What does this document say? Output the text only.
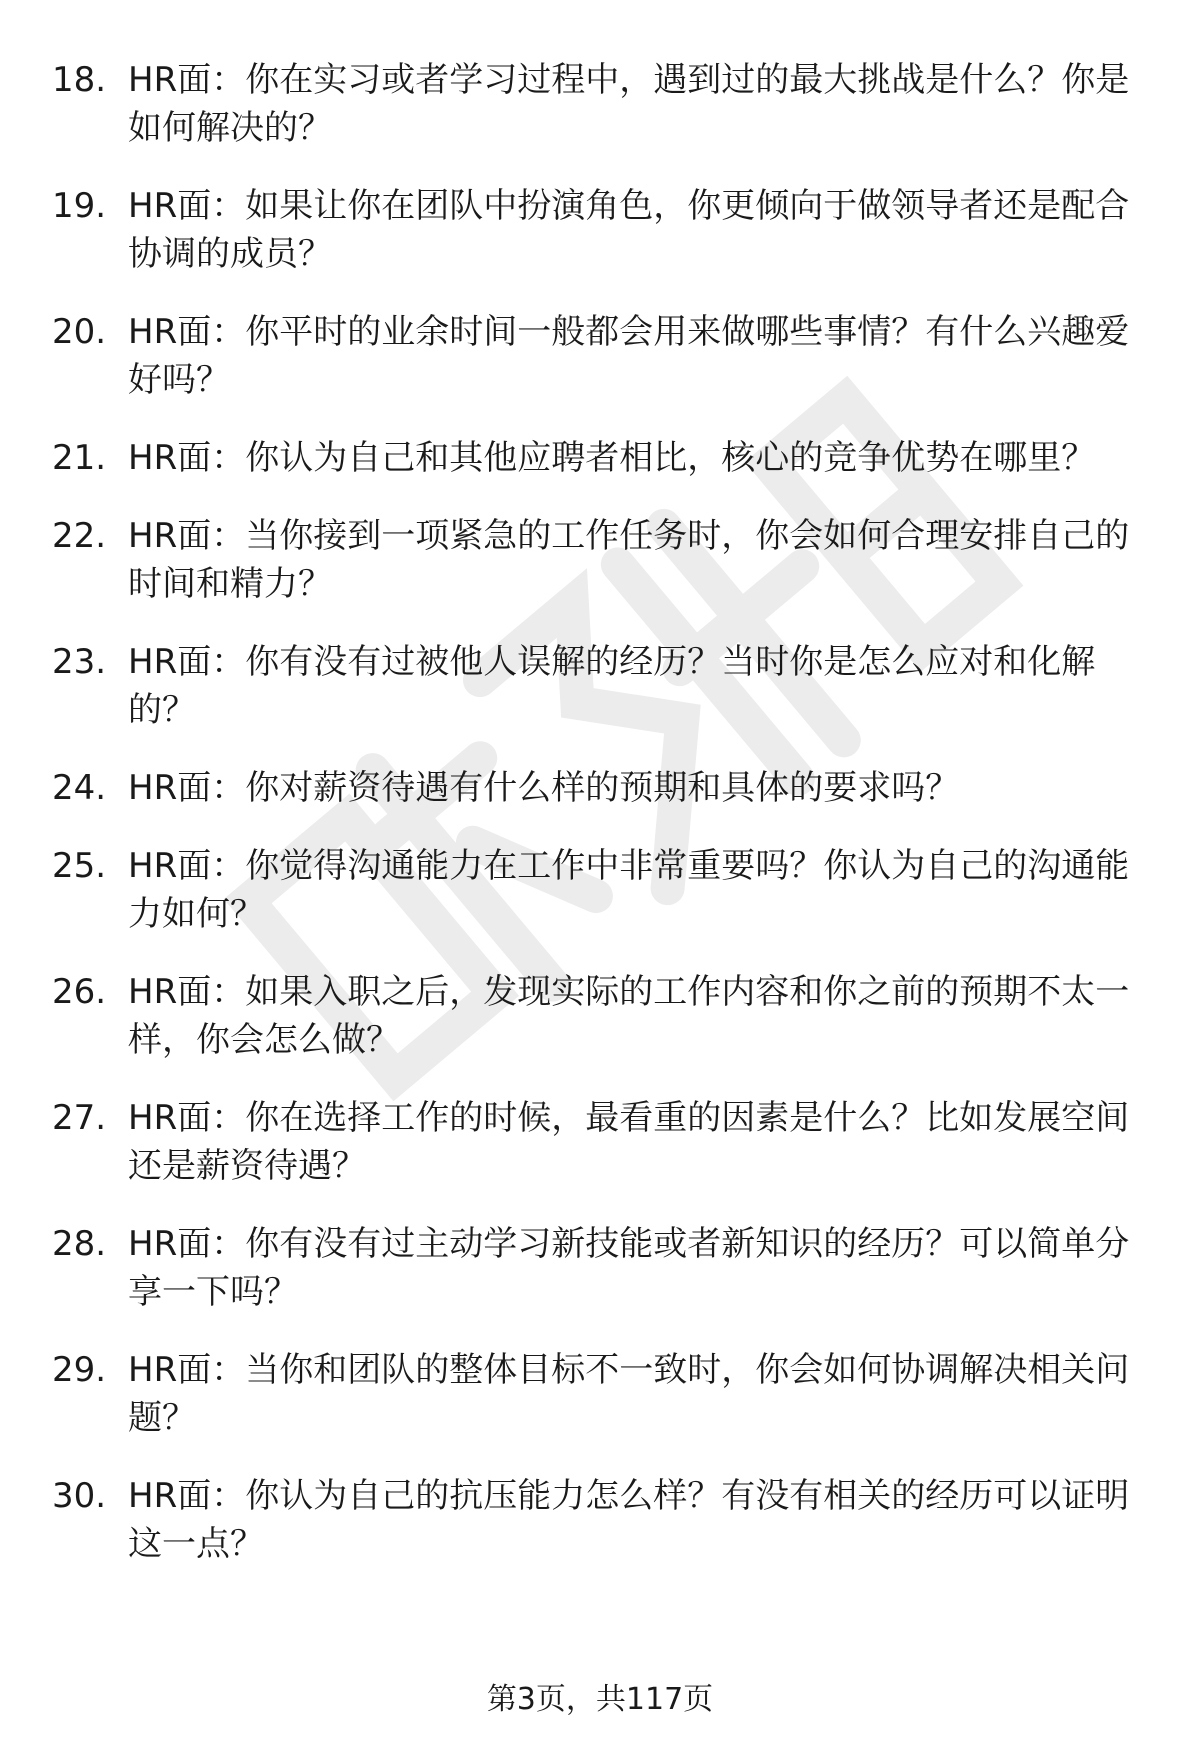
18. HR面：你在实习或者学习过程中，遇到过的最大挑战是什么？你是如何解决的？
19. HR面：如果让你在团队中扮演角色，你更倾向于做领导者还是配合协调的成员？
20. HR面：你平时的业余时间一般都会用来做哪些事情？有什么兴趣爱好吗？
21. HR面：你认为自己和其他应聘者相比，核心的竞争优势在哪里？
22. HR面：当你接到一项紧急的工作任务时，你会如何合理安排自己的时间和精力？
23. HR面：你有没有过被他人误解的经历？当时你是怎么应对和化解的？
24. HR面：你对薪资待遇有什么样的预期和具体的要求吗？
25. HR面：你觉得沟通能力在工作中非常重要吗？你认为自己的沟通能力如何？
26. HR面：如果入职之后，发现实际的工作内容和你之前的预期不太一样，你会怎么做？
27. HR面：你在选择工作的时候，最看重的因素是什么？比如发展空间还是薪资待遇？
28. HR面：你有没有过主动学习新技能或者新知识的经历？可以简单分享一下吗？
29. HR面：当你和团队的整体目标不一致时，你会如何协调解决相关问题？
30. HR面：你认为自己的抗压能力怎么样？有没有相关的经历可以证明这一点？
第3页，共117页
